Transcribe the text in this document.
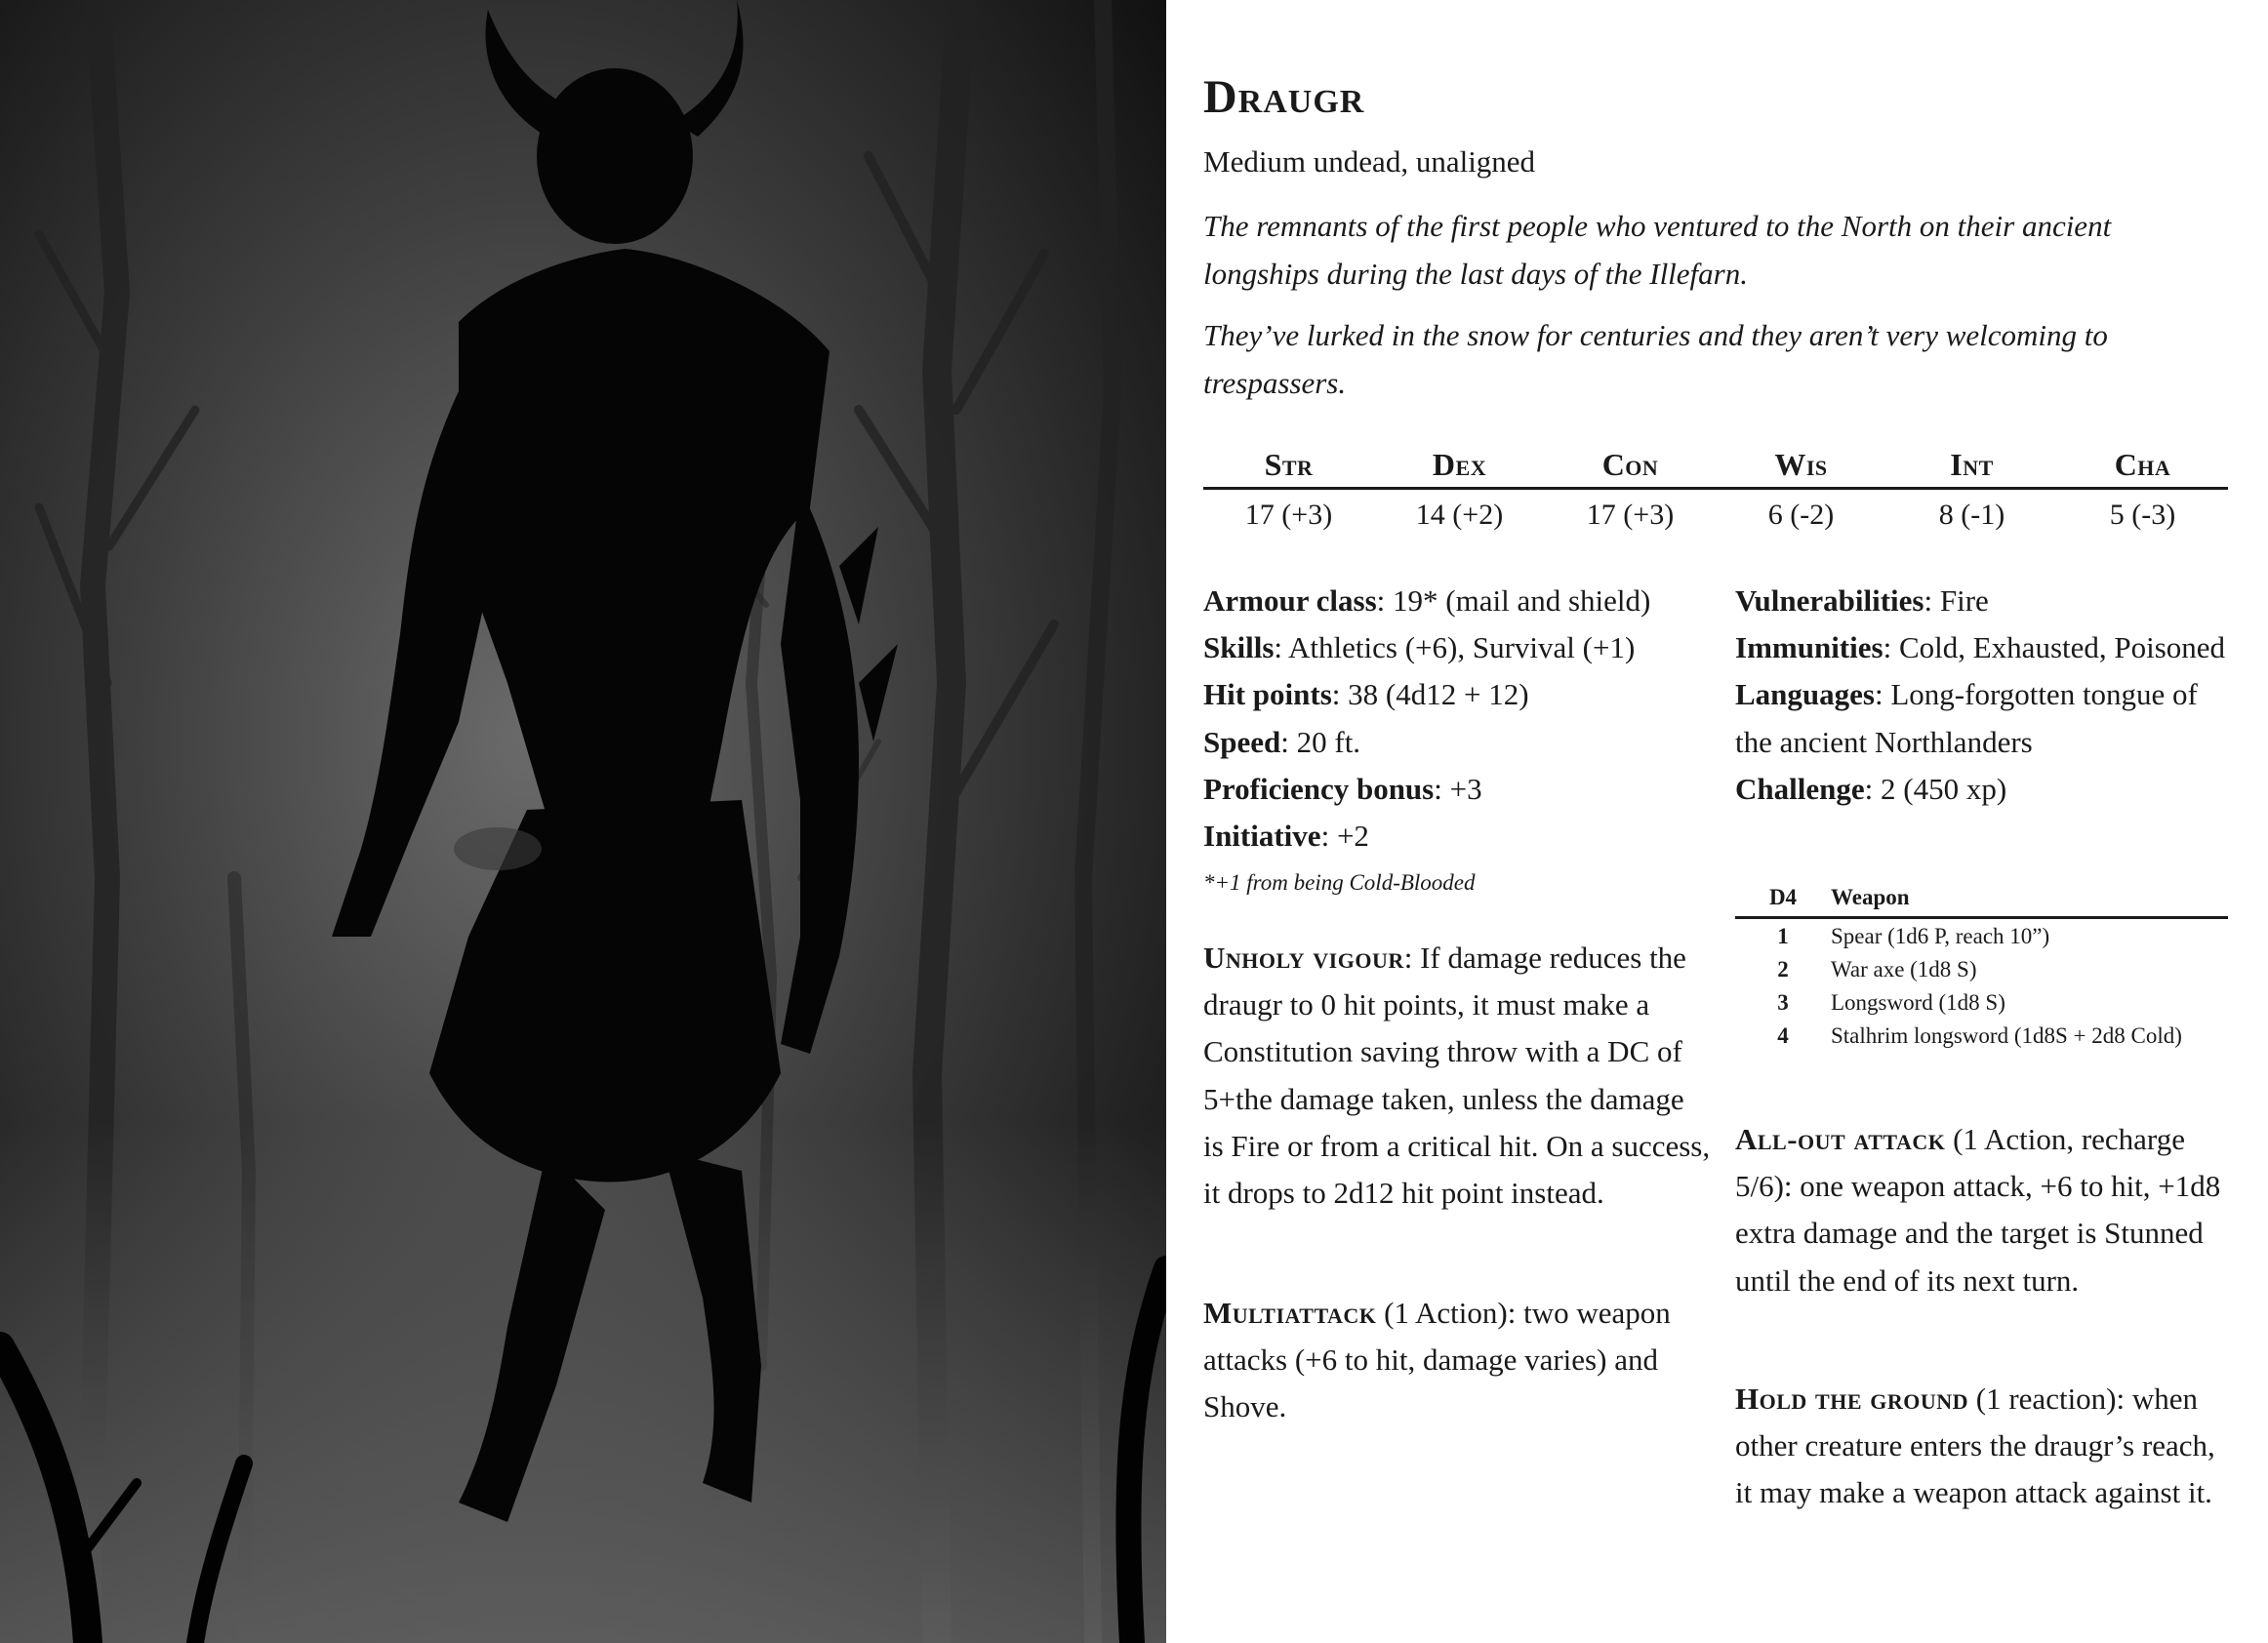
Draugr
Medium undead, unaligned
The remnants of the first people who ventured to the North on their ancient longships during the last days of the Illefarn.
They’ve lurked in the snow for centuries and they aren’t very welcoming to trespassers.
Str	Dex	Con	Wis	Int	Cha
17 (+3)	14 (+2)	17 (+3)	6 (-2)	8 (-1)	5 (-3)
Armour class: 19* (mail and shield)
Skills: Athletics (+6), Survival (+1)
Hit points: 38 (4d12 + 12)
Speed: 20 ft.
Proficiency bonus: +3
Initiative: +2
*+1 from being Cold-Blooded
Vulnerabilities: Fire
Immunities: Cold, Exhausted, Poisoned
Languages: Long-forgotten tongue of the ancient Northlanders
Challenge: 2 (450 xp)
D4	Weapon
1	Spear (1d6 P, reach 10”)
2	War axe (1d8 S)
3	Longsword (1d8 S)
4	Stalhrim longsword (1d8S + 2d8 Cold)
Unholy vigour: If damage reduces the draugr to 0 hit points, it must make a Constitution saving throw with a DC of 5+the damage taken, unless the damage is Fire or from a critical hit. On a success, it drops to 2d12 hit point instead.
Multiattack (1 Action): two weapon attacks (+6 to hit, damage varies) and Shove.
All-out attack (1 Action, recharge 5/6): one weapon attack, +6 to hit, +1d8 extra damage and the target is Stunned until the end of its next turn.
Hold the ground (1 reaction): when other creature enters the draugr’s reach, it may make a weapon attack against it.
